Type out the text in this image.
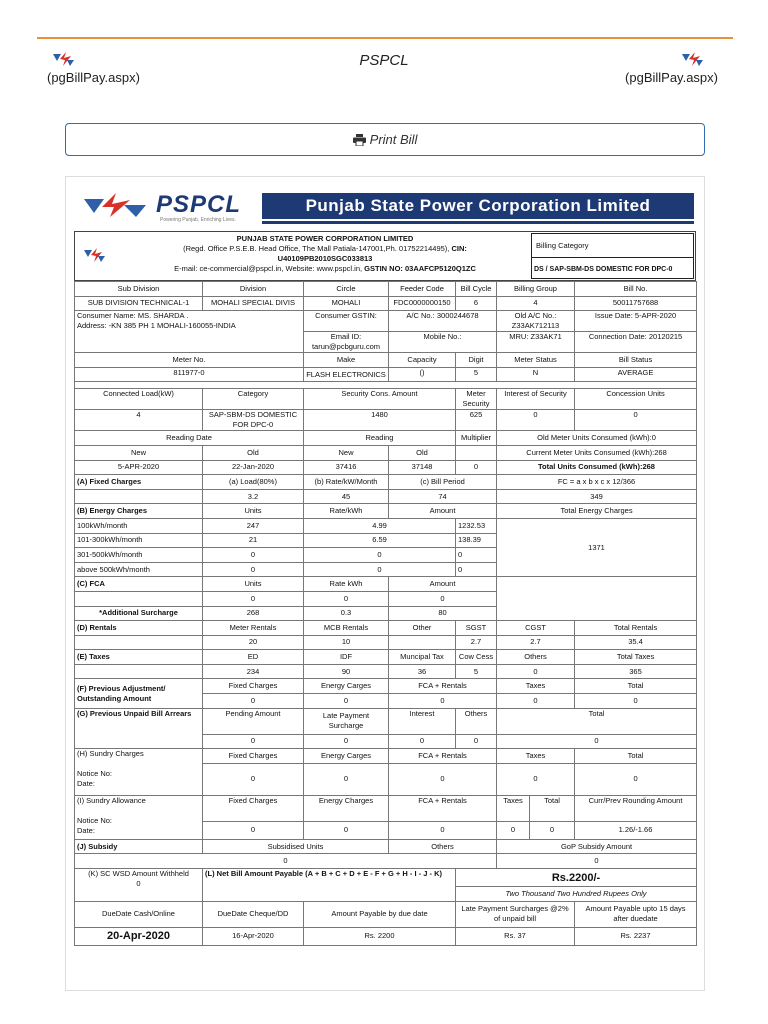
(pgBillPay.aspx)
PSPCL
(pgBillPay.aspx)
Print Bill
PSPCL
Powering Punjab, Enriching Lives.
Punjab State Power Corporation Limited
PUNJAB STATE POWER CORPORATION LIMITED
(Regd. Office P.S.E.B. Head Office, The Mall Patiala-147001,Ph. 01752214495), CIN:
U40109PB2010SGC033813
E-mail: ce-commercial@pspcl.in, Website: www.pspcl.in, GSTIN NO: 03AAFCP5120Q1ZC
Billing Category
DS / SAP-SBM-DS DOMESTIC FOR DPC-0
Sub Division	Division	Circle	Feeder Code	Bill Cycle	Billing Group		Bill No.
SUB DIVISION TECHNICAL-1	MOHALI SPECIAL DIVIS	MOHALI	FDC0000000150	6	4		50011757688

Consumer Name: MS. SHARDA .
Address: -KN 385 PH 1 MOHALI-160055-INDIA		Consumer GSTIN:	A/C No.: 3000244678		Old A/C No.: Z33AK712113		Issue Date: 5-APR-2020
		Email ID: tarun@pcbguru.com	Mobile No.:		MRU: Z33AK71		Connection Date: 20120215

Meter No.		Make	Capacity	Digit	Meter Status		Bill Status
811977-0		FLASH ELECTRONICS	()	5	N		AVERAGE

Connected Load(kW)	Category	Security Cons. Amount		Meter Security	Interest of Security		Concession Units
4	SAP-SBM-DS DOMESTIC FOR DPC-0	1480		625	0		0
Reading Date		Reading		Multiplier	Old Meter Units Consumed (kWh):0		
New	Old	New	Old		Current Meter Units Consumed (kWh):268		
5-APR-2020	22-Jan-2020	37416	37148	0	Total Units Consumed (kWh):268		
(A) Fixed Charges	(a) Load(80%)	(b) Rate/kW/Month	(c) Bill Period		FC = a x b x c x 12/366		
	3.2	45	74		349		
(B) Energy Charges	Units	Rate/kWh	Amount		Total Energy Charges		
100kWh/month	247	4.99		1232.53	1371		
101-300kWh/month	21	6.59		138.39			
301-500kWh/month	0	0		0			
above 500kWh/month	0	0		0			
(C) FCA	Units	Rate kWh	Amount				
	0	0	0				
*Additional Surcharge	268	0.3	80				
(D) Rentals	Meter Rentals	MCB Rentals	Other	SGST	CGST		Total Rentals
	20	10		2.7	2.7		35.4
(E) Taxes	ED	IDF	Muncipal Tax	Cow Cess	Others		Total Taxes
	234	90	36	5	0		365
(F) Previous Adjustment/ Outstanding Amount	Fixed Charges	Energy Carges	FCA + Rentals		Taxes		Total
	0	0	0		0		0
(G) Previous Unpaid Bill Arrears	Pending Amount	Late Payment Surcharge	Interest	Others	Total		
	0	0	0	0	0		

(H) Sundry Charges
Notice No:
Date:	Fixed Charges	Energy Carges	FCA + Rentals		Taxes		Total
	0	0	0		0		0

(I) Sundry Allowance
Notice No:
Date:	Fixed Charges	Energy Charges	FCA + Rentals		Taxes	Total	Curr/Prev Rounding Amount
	0	0	0		0	0	1.26/-1.66
(J) Subsidy	Subsidised Units		Others		GoP Subsidy Amount		
0					0		

(K) SC WSD Amount Withheld
0	(L) Net Bill Amount Payable (A + B + C + D + E - F + G + H - I - J - K)			Rs.2200/-			
				Two Thousand Two Hundred Rupees Only			
DueDate Cash/Online	DueDate Cheque/DD	Amount Payable by due date		Late Payment Surcharges @2% of unpaid bill			Amount Payable upto 15 days after duedate
20-Apr-2020	16-Apr-2020	Rs. 2200		Rs. 37			Rs. 2237
